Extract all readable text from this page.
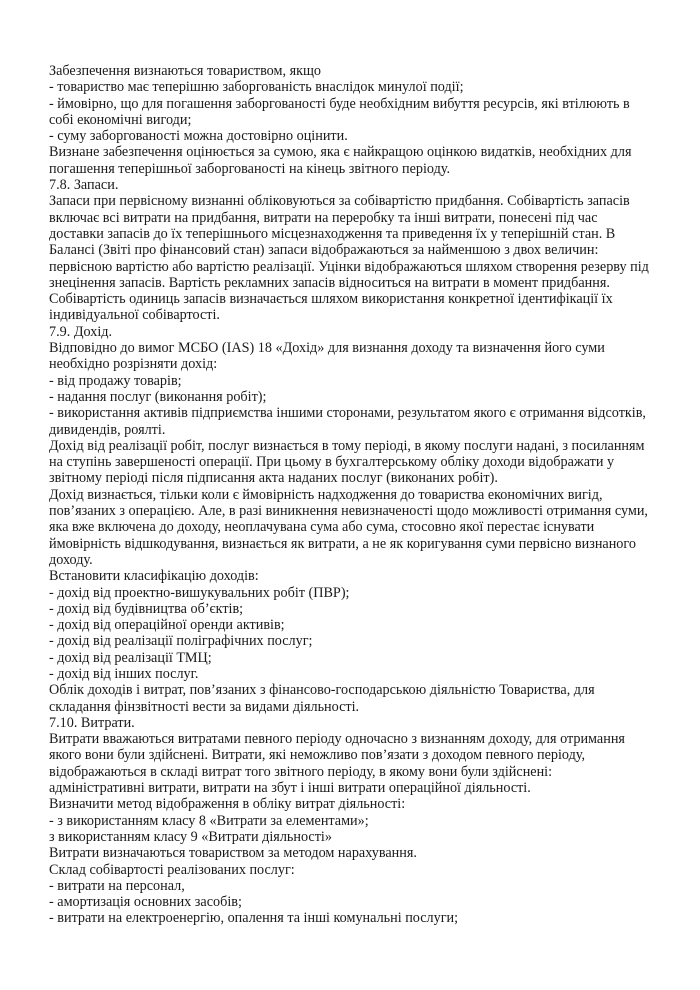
Забезпечення визнаються товариством, якщо
- товариство має теперішню заборгованість внаслідок минулої події;
- ймовірно, що для погашення заборгованості буде необхідним вибуття ресурсів, які втілюють в
собі економічні вигоди;
- суму заборгованості можна достовірно оцінити.
Визнане забезпечення оцінюється за сумою, яка є найкращою оцінкою видатків, необхідних для
погашення теперішньої заборгованості на кінець звітного періоду.
7.8. Запаси.
Запаси при первісному визнанні обліковуються за собівартістю придбання. Собівартість запасів
включає всі витрати на придбання, витрати на переробку та інші витрати, понесені під час
доставки запасів до їх теперішнього місцезнаходження та приведення їх у теперішній стан. В
Балансі (Звіті про фінансовий стан) запаси відображаються за найменшою з двох величин:
первісною вартістю або вартістю реалізації. Уцінки відображаються шляхом створення резерву під
знецінення запасів. Вартість рекламних запасів відноситься на витрати в момент придбання.
Собівартість одиниць запасів визначається шляхом використання конкретної ідентифікації їх
індивідуальної собівартості.
7.9. Дохід.
Відповідно до вимог МСБО (IAS) 18 «Дохід» для визнання доходу та визначення його суми
необхідно розрізняти дохід:
- від продажу товарів;
- надання послуг (виконання робіт);
- використання активів підприємства іншими сторонами, результатом якого є отримання відсотків,
дивидендів, роялті.
Дохід від реалізації робіт, послуг визнається в тому періоді, в якому послуги надані, з посиланням
на ступінь завершеності операції. При цьому в бухгалтерському обліку доходи відображати у
звітному періоді після підписання акта наданих послуг (виконаних робіт).
Дохід визнається, тільки коли є ймовірність надходження до товариства економічних вигід,
пов’язаних з операцією. Але, в разі виникнення невизначеності щодо можливості отримання суми,
яка вже включена до доходу, неоплачувана сума або сума, стосовно якої перестає існувати
ймовірність відшкодування, визнається як витрати, а не як коригування суми первісно визнаного
доходу.
Встановити класифікацію доходів:
- дохід від проектно-вишукувальних робіт (ПВР);
- дохід від будівництва об’єктів;
- дохід від операційної оренди активів;
- дохід від реалізації поліграфічних послуг;
- дохід від реалізації ТМЦ;
- дохід від інших послуг.
Облік доходів і витрат, пов’язаних з фінансово-господарською діяльністю Товариства, для
складання фінзвітності вести за видами діяльності.
7.10. Витрати.
Витрати вважаються витратами певного періоду одночасно з визнанням доходу, для отримання
якого вони були здійснені. Витрати, які неможливо пов’язати з доходом певного періоду,
відображаються в складі витрат того звітного періоду, в якому вони були здійснені:
адміністративні витрати, витрати на збут і інші витрати операційної діяльності.
Визначити метод відображення в обліку витрат діяльності:
- з використанням класу 8 «Витрати за елементами»;
з використанням класу 9 «Витрати діяльності»
Витрати визначаються товариством за методом нарахування.
Склад собівартості реалізованих послуг:
- витрати на персонал,
- амортизація основних засобів;
- витрати на електроенергію, опалення та інші комунальні послуги;
